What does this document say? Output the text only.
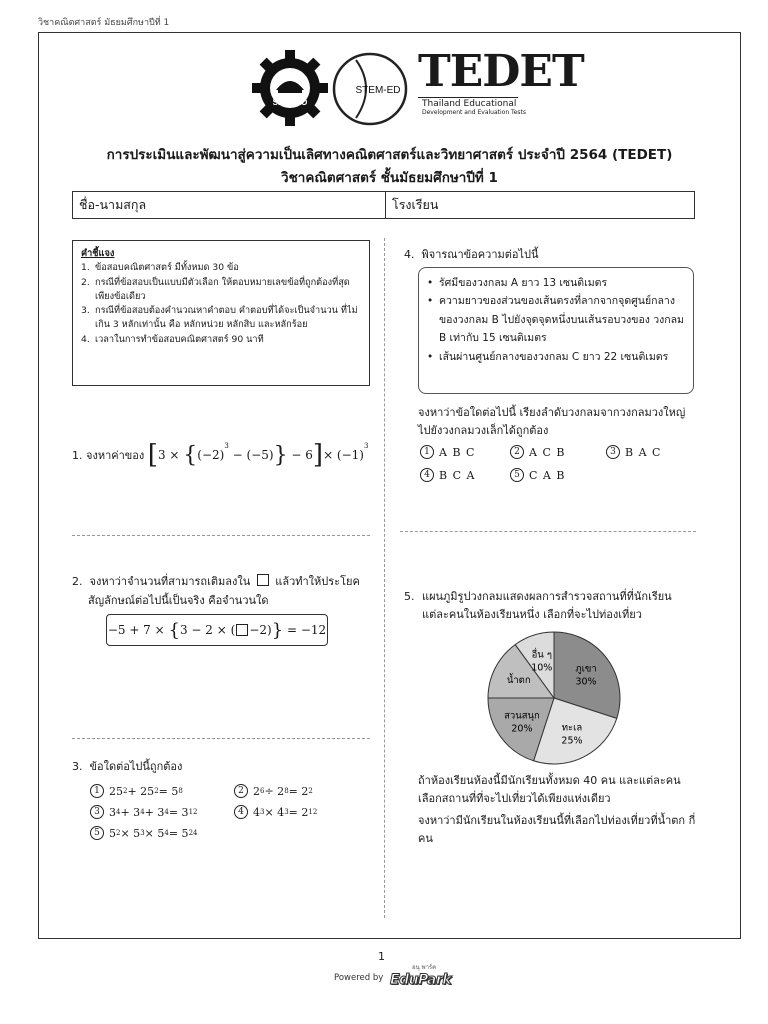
วิชาคณิตศาสตร์ มัธยมศึกษาปีที่ 1
SEAMEO
STEM-ED TEDET
Thailand Educational
Development and Evaluation Tests
การประเมินและพัฒนาสู่ความเป็นเลิศทางคณิตศาสตร์และวิทยาศาสตร์ ประจำปี 2564 (TEDET)
วิชาคณิตศาสตร์ ชั้นมัธยมศึกษาปีที่ 1
ชื่อ-นามสกุล	โรงเรียน
คำชี้แจง
1. ข้อสอบคณิตศาสตร์ มีทั้งหมด 30 ข้อ
2. กรณีที่ข้อสอบเป็นแบบมีตัวเลือก ให้ตอบหมายเลขข้อที่ถูกต้องที่สุด เพียงข้อเดียว
3. กรณีที่ข้อสอบต้องคำนวณหาคำตอบ คำตอบที่ได้จะเป็นจำนวน ที่ไม่เกิน 3 หลักเท่านั้น คือ หลักหน่วย หลักสิบ และหลักร้อย
4. เวลาในการทำข้อสอบคณิตศาสตร์ 90 นาที
1.
จงหาค่าของ
[ 3 ×
{ (−2)
$^3$

− (−5) }
− 6 ] × (−1)
$^3$
2. จงหาว่าจำนวนที่สามารถเติมลงใน แล้วทำให้ประโยค
สัญลักษณ์ต่อไปนี้เป็นจริง คือจำนวนใด
−5 + 7 ×
{ 3 − 2 × ( −2) }
= −12
3. ข้อใดต่อไปนี้ถูกต้อง
1 25 2 + 25 2 = 5 8	2 2 6 ÷ 2 8 = 2 2
3 3 4 + 3 4 + 3 4 = 3 12	4 4 3 × 4 3 = 2 12
5 5 2 × 5 3 × 5 4 = 5 24
4. พิจารณาข้อความต่อไปนี้
• รัศมีของวงกลม A ยาว 13 เซนติเมตร
• ความยาวของส่วนของเส้นตรงที่ลากจากจุดศูนย์กลาง ของวงกลม B ไปยังจุดจุดหนึ่งบนเส้นรอบวงของ วงกลม B เท่ากับ 15 เซนติเมตร
• เส้นผ่านศูนย์กลางของวงกลม C ยาว 22 เซนติเมตร
จงหาว่าข้อใดต่อไปนี้ เรียงลำดับวงกลมจากวงกลมวงใหญ่ ไปยังวงกลมวงเล็กได้ถูกต้อง
1 A B C	2 A C B	3 B A C
4 B C A	5 C A B
5. แผนภูมิรูปวงกลมแสดงผลการสำรวจสถานที่ที่นักเรียน แต่ละคนในห้องเรียนหนึ่ง เลือกที่จะไปท่องเที่ยว
ภูเขา
30%
ทะเล
25%
สวนสนุก
20%
น้ำตก
อื่น ๆ
10%
ถ้าห้องเรียนห้องนี้มีนักเรียนทั้งหมด 40 คน และแต่ละคน เลือกสถานที่ที่จะไปเที่ยวได้เพียงแห่งเดียว
จงหาว่ามีนักเรียนในห้องเรียนนี้ที่เลือกไปท่องเที่ยวที่น้ำตก กี่คน
1
Powered by
อนุ พาร์ค
EduPark
